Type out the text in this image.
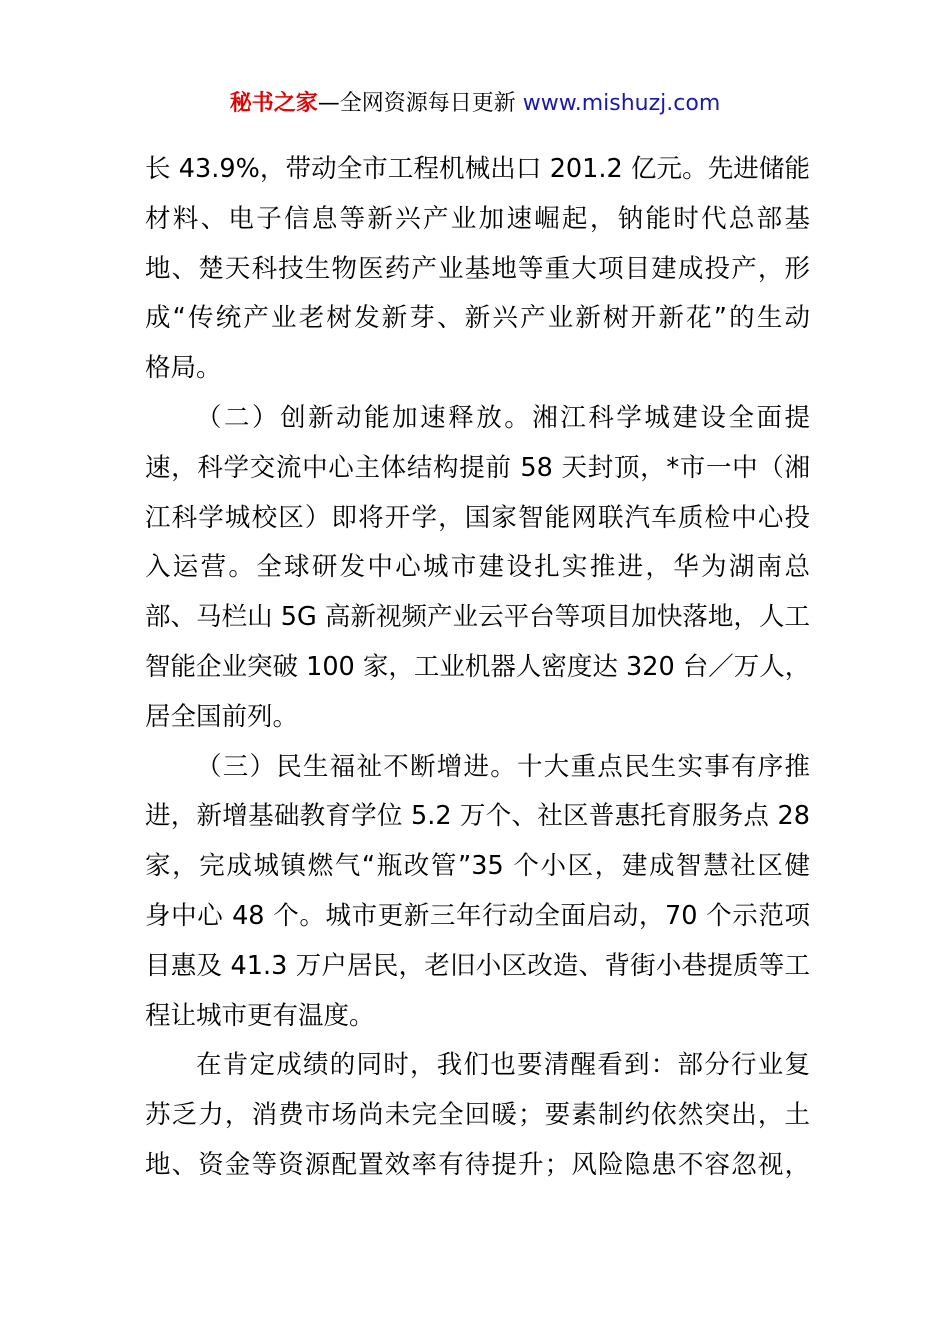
秘书之家—全网资源每日更新 www.mishuzj.com
长 43.9%，带动全市工程机械出口 201.2 亿元。先进储能
材料、电子信息等新兴产业加速崛起，钠能时代总部基
地、楚天科技生物医药产业基地等重大项目建成投产，形
成“传统产业老树发新芽、新兴产业新树开新花”的生动
格局。
（二）创新动能加速释放。湘江科学城建设全面提
速，科学交流中心主体结构提前 58 天封顶，*市一中（湘
江科学城校区）即将开学，国家智能网联汽车质检中心投
入运营。全球研发中心城市建设扎实推进，华为湖南总
部、马栏山 5G 高新视频产业云平台等项目加快落地，人工
智能企业突破 100 家，工业机器人密度达 320 台／万人，
居全国前列。
（三）民生福祉不断增进。十大重点民生实事有序推
进，新增基础教育学位 5.2 万个、社区普惠托育服务点 28
家，完成城镇燃气“瓶改管”35 个小区，建成智慧社区健
身中心 48 个。城市更新三年行动全面启动，70 个示范项
目惠及 41.3 万户居民，老旧小区改造、背街小巷提质等工
程让城市更有温度。
在肯定成绩的同时，我们也要清醒看到：部分行业复
苏乏力，消费市场尚未完全回暖；要素制约依然突出，土
地、资金等资源配置效率有待提升；风险隐患不容忽视，
